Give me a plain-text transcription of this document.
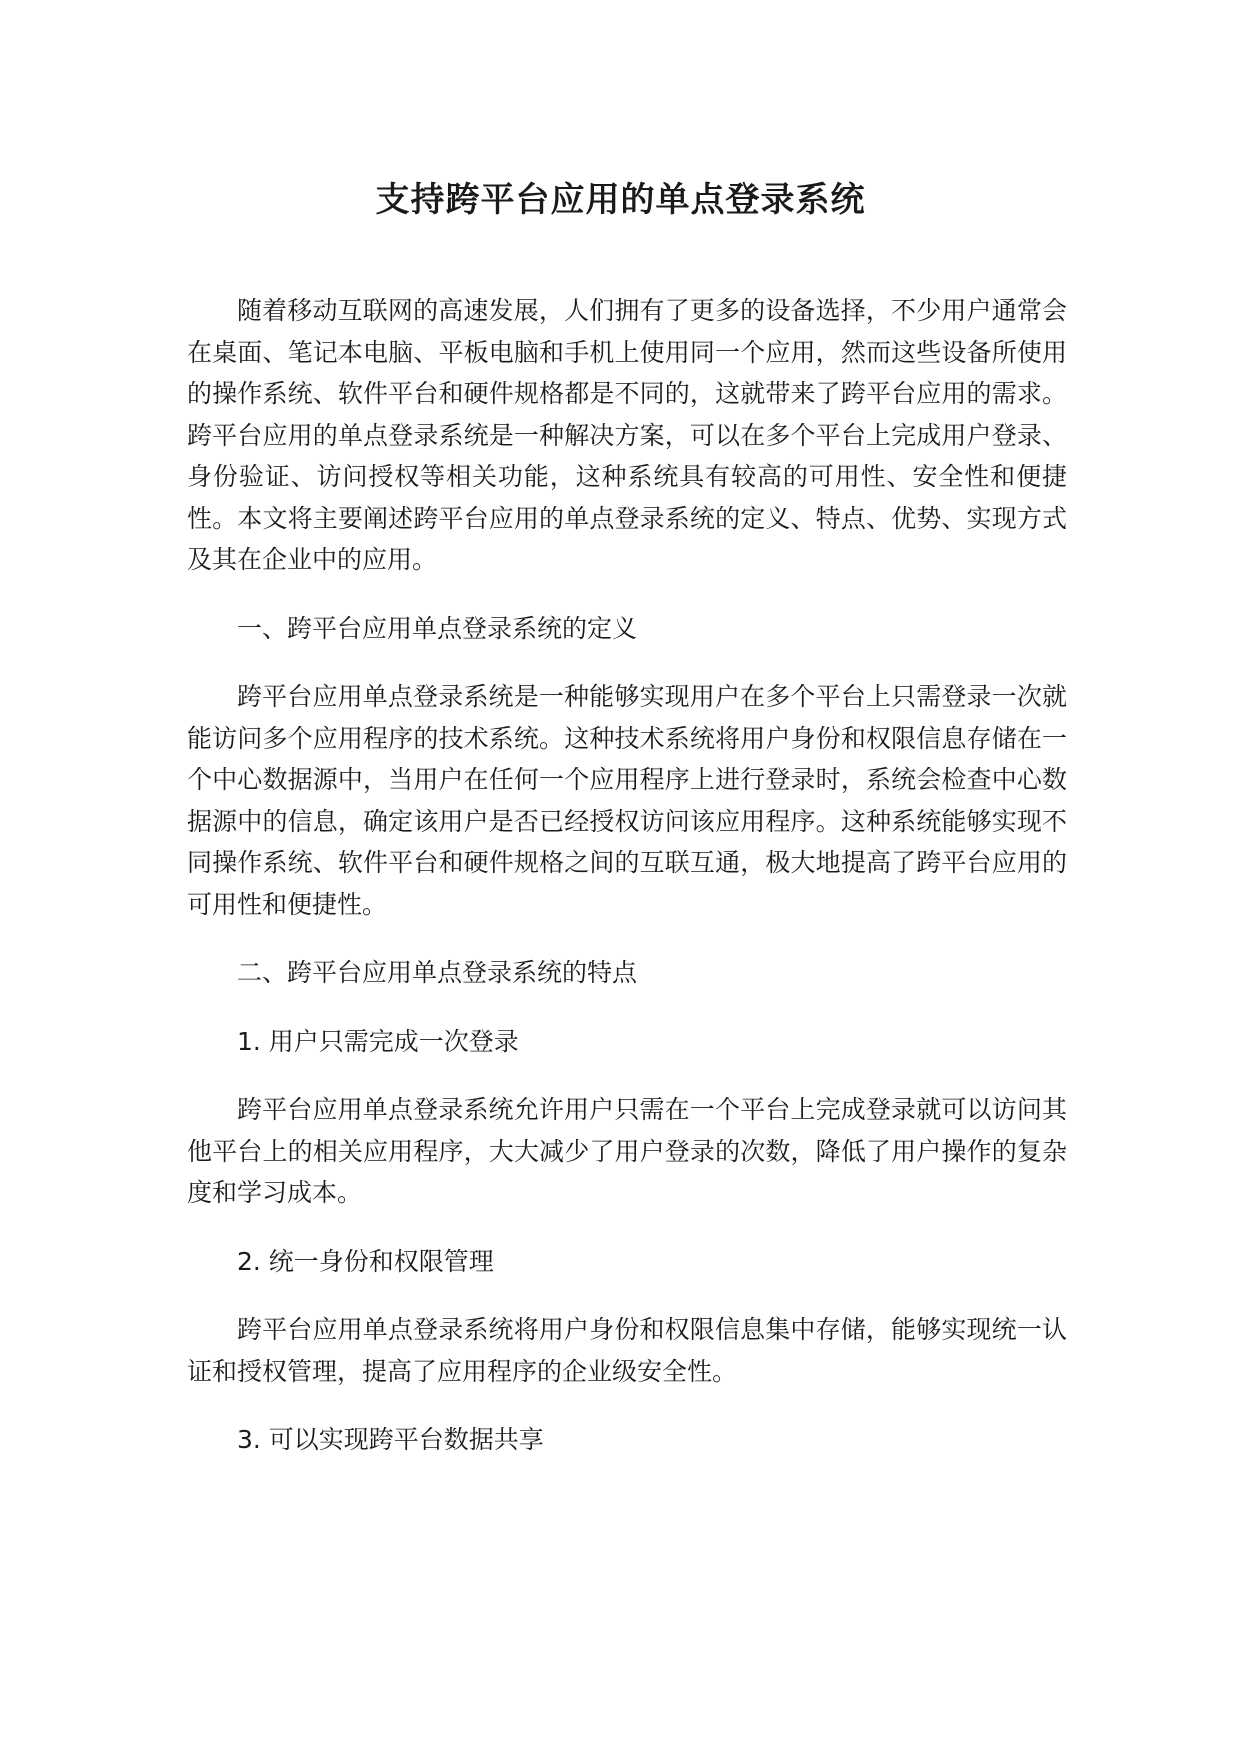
支持跨平台应用的单点登录系统

随着移动互联网的高速发展，人们拥有了更多的设备选择，不少用户通常会在桌面、笔记本电脑、平板电脑和手机上使用同一个应用，然而这些设备所使用的操作系统、软件平台和硬件规格都是不同的，这就带来了跨平台应用的需求。跨平台应用的单点登录系统是一种解决方案，可以在多个平台上完成用户登录、身份验证、访问授权等相关功能，这种系统具有较高的可用性、安全性和便捷性。本文将主要阐述跨平台应用的单点登录系统的定义、特点、优势、实现方式及其在企业中的应用。

一、跨平台应用单点登录系统的定义

跨平台应用单点登录系统是一种能够实现用户在多个平台上只需登录一次就能访问多个应用程序的技术系统。这种技术系统将用户身份和权限信息存储在一个中心数据源中，当用户在任何一个应用程序上进行登录时，系统会检查中心数据源中的信息，确定该用户是否已经授权访问该应用程序。这种系统能够实现不同操作系统、软件平台和硬件规格之间的互联互通，极大地提高了跨平台应用的可用性和便捷性。

二、跨平台应用单点登录系统的特点

1. 用户只需完成一次登录

跨平台应用单点登录系统允许用户只需在一个平台上完成登录就可以访问其他平台上的相关应用程序，大大减少了用户登录的次数，降低了用户操作的复杂度和学习成本。

2. 统一身份和权限管理

跨平台应用单点登录系统将用户身份和权限信息集中存储，能够实现统一认证和授权管理，提高了应用程序的企业级安全性。

3. 可以实现跨平台数据共享
